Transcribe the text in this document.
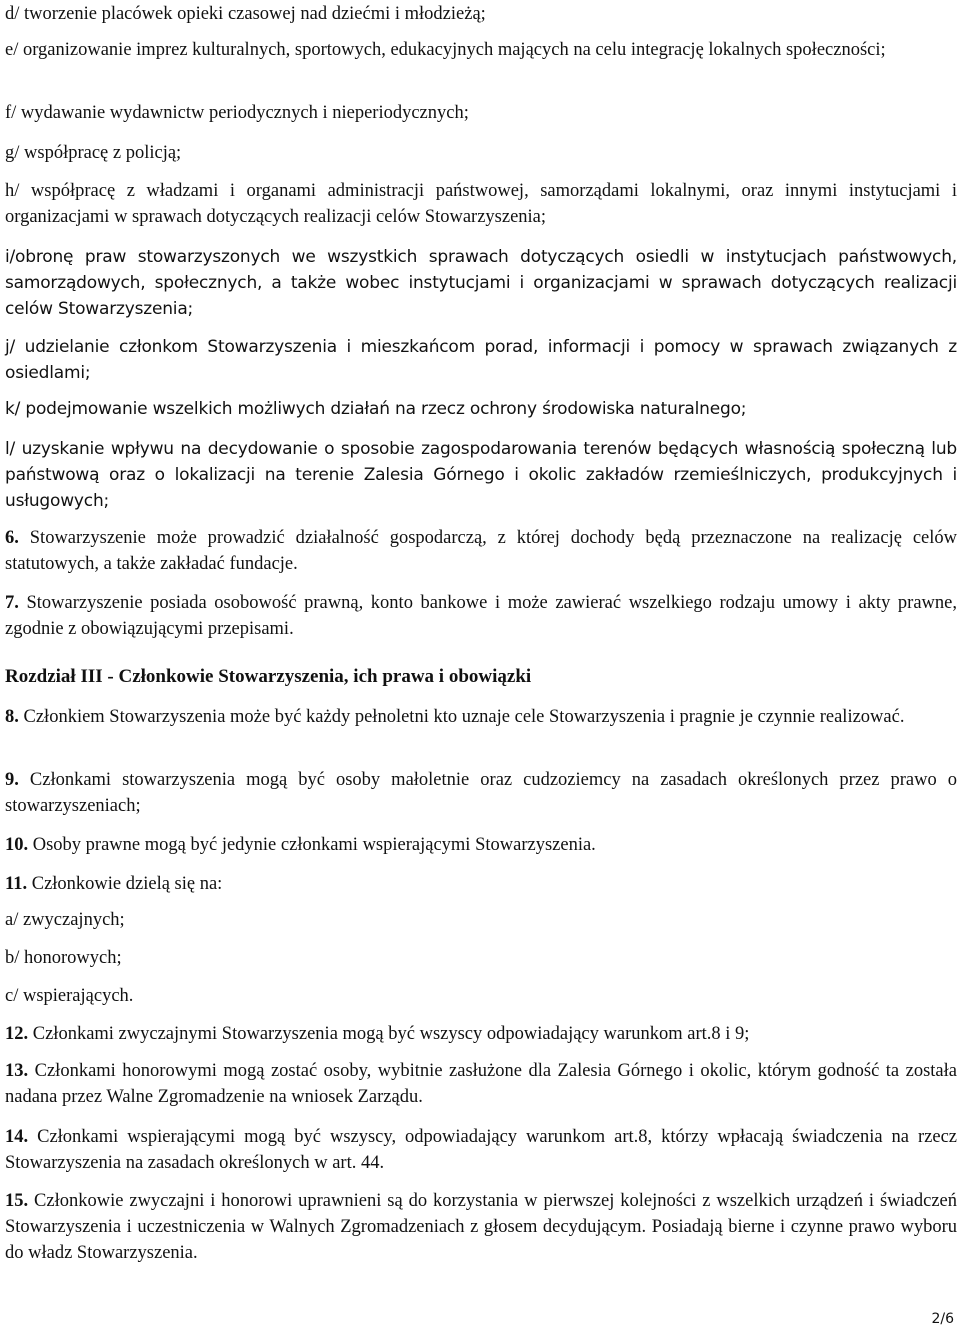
d/ tworzenie placówek opieki czasowej nad dziećmi i młodzieżą;

e/ organizowanie imprez kulturalnych, sportowych, edukacyjnych mających na celu integrację lokalnych społeczności;

f/ wydawanie wydawnictw periodycznych i nieperiodycznych;

g/ współpracę z policją;

h/ współpracę z władzami i organami administracji państwowej, samorządami lokalnymi, oraz innymi instytucjami i organizacjami w sprawach dotyczących realizacji celów Stowarzyszenia;

i/obronę praw stowarzyszonych we wszystkich sprawach dotyczących osiedli w instytucjach państwowych, samorządowych, społecznych, a także wobec instytucjami i organizacjami w sprawach dotyczących realizacji celów Stowarzyszenia;

j/ udzielanie członkom Stowarzyszenia i mieszkańcom porad, informacji i pomocy w sprawach związanych z osiedlami;

k/ podejmowanie wszelkich możliwych działań na rzecz ochrony środowiska naturalnego;

l/ uzyskanie wpływu na decydowanie o sposobie zagospodarowania terenów będących własnością społeczną lub państwową oraz o lokalizacji na terenie Zalesia Górnego i okolic zakładów rzemieślniczych, produkcyjnych i usługowych;

6. Stowarzyszenie może prowadzić działalność gospodarczą, z której dochody będą przeznaczone na realizację celów statutowych, a także zakładać fundacje.

7. Stowarzyszenie posiada osobowość prawną, konto bankowe i może zawierać wszelkiego rodzaju umowy i akty prawne, zgodnie z obowiązującymi przepisami.

Rozdział III - Członkowie Stowarzyszenia, ich prawa i obowiązki

8. Członkiem Stowarzyszenia może być każdy pełnoletni kto uznaje cele Stowarzyszenia i pragnie je czynnie realizować.

9. Członkami stowarzyszenia mogą być osoby małoletnie oraz cudzoziemcy na zasadach określonych przez prawo o stowarzyszeniach;

10. Osoby prawne mogą być jedynie członkami wspierającymi Stowarzyszenia.

11. Członkowie dzielą się na:

a/ zwyczajnych;

b/ honorowych;

c/ wspierających.

12. Członkami zwyczajnymi Stowarzyszenia mogą być wszyscy odpowiadający warunkom art.8 i 9;

13. Członkami honorowymi mogą zostać osoby, wybitnie zasłużone dla Zalesia Górnego i okolic, którym godność ta została nadana przez Walne Zgromadzenie na wniosek Zarządu.

14. Członkami wspierającymi mogą być wszyscy, odpowiadający warunkom art.8, którzy wpłacają świadczenia na rzecz Stowarzyszenia na zasadach określonych w art. 44.

15. Członkowie zwyczajni i honorowi uprawnieni są do korzystania w pierwszej kolejności z wszelkich urządzeń i świadczeń Stowarzyszenia i uczestniczenia w Walnych Zgromadzeniach z głosem decydującym. Posiadają bierne i czynne prawo wyboru do władz Stowarzyszenia.

2/6
